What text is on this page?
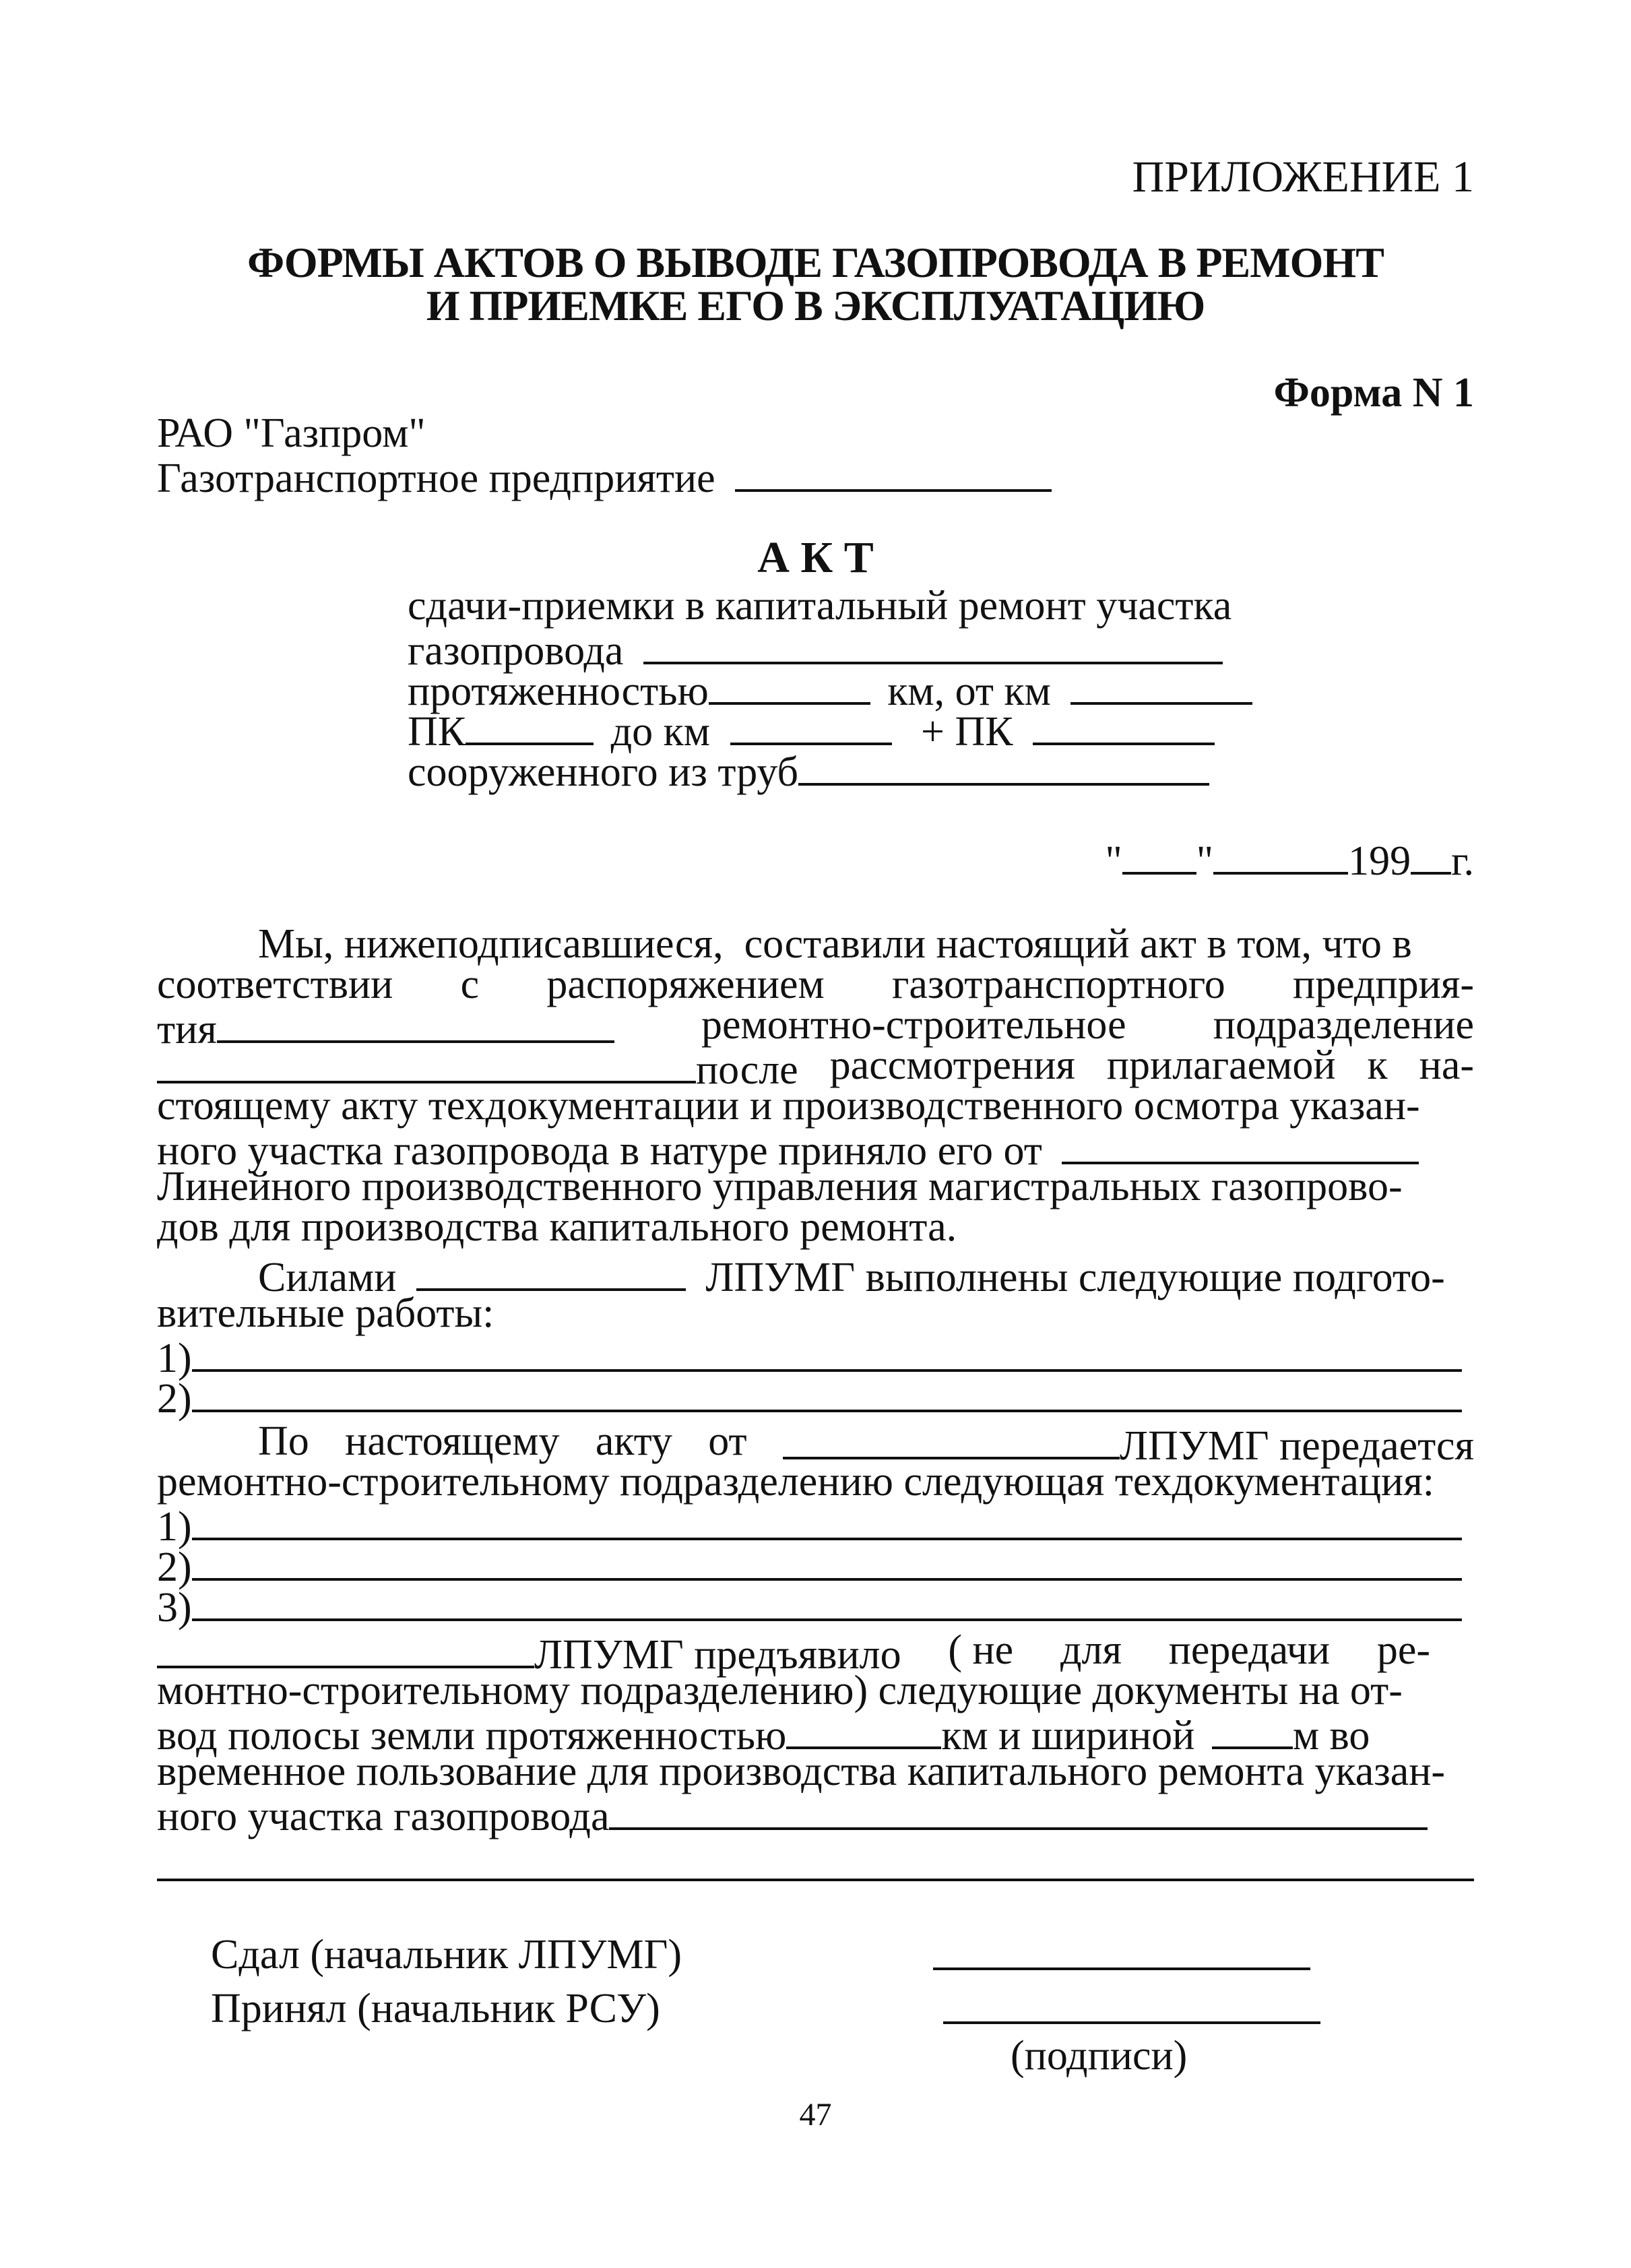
ПРИЛОЖЕНИЕ 1
ФОРМЫ АКТОВ О ВЫВОДЕ ГАЗОПРОВОДА В РЕМОНТ
И ПРИЕМКЕ ЕГО В ЭКСПЛУАТАЦИЮ
Форма N 1
РАО "Газпром"
Газотранспортное предприятие
А К Т
сдачи-приемки в капитальный ремонт участка
газопровода
протяженностью	км, от км
ПК	до км	+ ПК
сооруженного из труб
" "	199 г.
Мы, нижеподписавшиеся,  составили настоящий акт в том, что в
соответствии с распоряжением газотранспортного предприя-
тия	ремонтно-строительное подразделение
после рассмотрения прилагаемой к на-
стоящему акту техдокументации и производственного осмотра указан-
ного участка газопровода в натуре приняло его от
Линейного производственного управления магистральных газопрово-
дов для производства капитального ремонта.
Силами	ЛПУМГ выполнены следующие подгото-
вительные работы:
1)
2)
По настоящему акту от	ЛПУМГ передается
ремонтно-строительному подразделению следующая техдокументация:
1)
2)
3)
ЛПУМГ предъявило ( не для передачи ре-
монтно-строительному подразделению) следующие документы на от-
вод полосы земли протяженностью	км и шириной м во
временное пользование для производства капитального ремонта указан-
ного участка газопровода
Сдал (начальник ЛПУМГ)
Принял (начальник РСУ)
(подписи)
47
